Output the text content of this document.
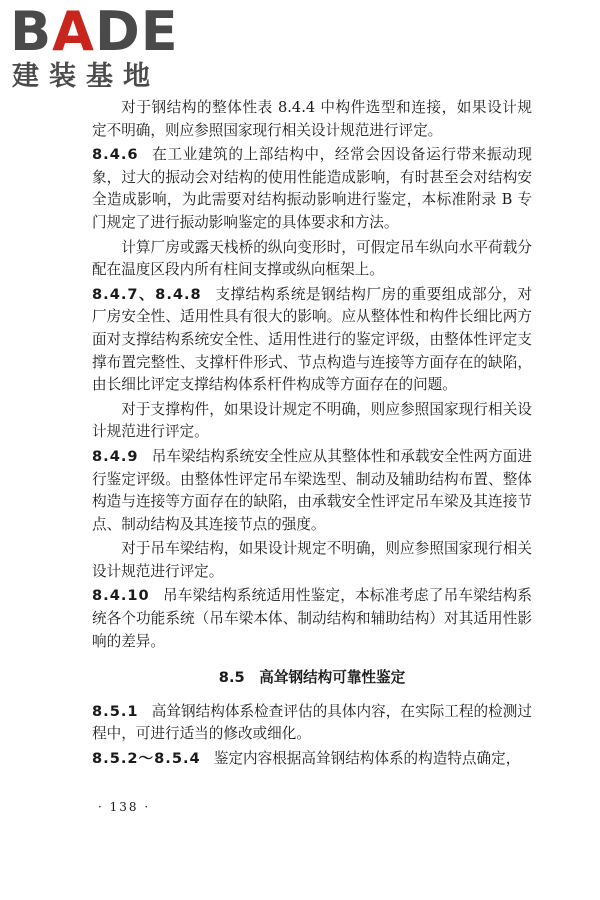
BADE
建装基地

对于钢结构的整体性表 8.4.4 中构件选型和连接，如果设计规定不明确，则应参照国家现行相关设计规范进行评定。

8.4.6 在工业建筑的上部结构中，经常会因设备运行带来振动现象，过大的振动会对结构的使用性能造成影响，有时甚至会对结构安全造成影响，为此需要对结构振动影响进行鉴定，本标准附录 B 专门规定了进行振动影响鉴定的具体要求和方法。

计算厂房或露天栈桥的纵向变形时，可假定吊车纵向水平荷载分配在温度区段内所有柱间支撑或纵向框架上。

8.4.7、8.4.8 支撑结构系统是钢结构厂房的重要组成部分，对厂房安全性、适用性具有很大的影响。应从整体性和构件长细比两方面对支撑结构系统安全性、适用性进行的鉴定评级，由整体性评定支撑布置完整性、支撑杆件形式、节点构造与连接等方面存在的缺陷，由长细比评定支撑结构体系杆件构成等方面存在的问题。

对于支撑构件，如果设计规定不明确，则应参照国家现行相关设计规范进行评定。

8.4.9 吊车梁结构系统安全性应从其整体性和承载安全性两方面进行鉴定评级。由整体性评定吊车梁选型、制动及辅助结构布置、整体构造与连接等方面存在的缺陷，由承载安全性评定吊车梁及其连接节点、制动结构及其连接节点的强度。

对于吊车梁结构，如果设计规定不明确，则应参照国家现行相关设计规范进行评定。

8.4.10 吊车梁结构系统适用性鉴定，本标准考虑了吊车梁结构系统各个功能系统（吊车梁本体、制动结构和辅助结构）对其适用性影响的差异。

8.5 高耸钢结构可靠性鉴定

8.5.1 高耸钢结构体系检查评估的具体内容，在实际工程的检测过程中，可进行适当的修改或细化。

8.5.2～8.5.4 鉴定内容根据高耸钢结构体系的构造特点确定，

· 138 ·
